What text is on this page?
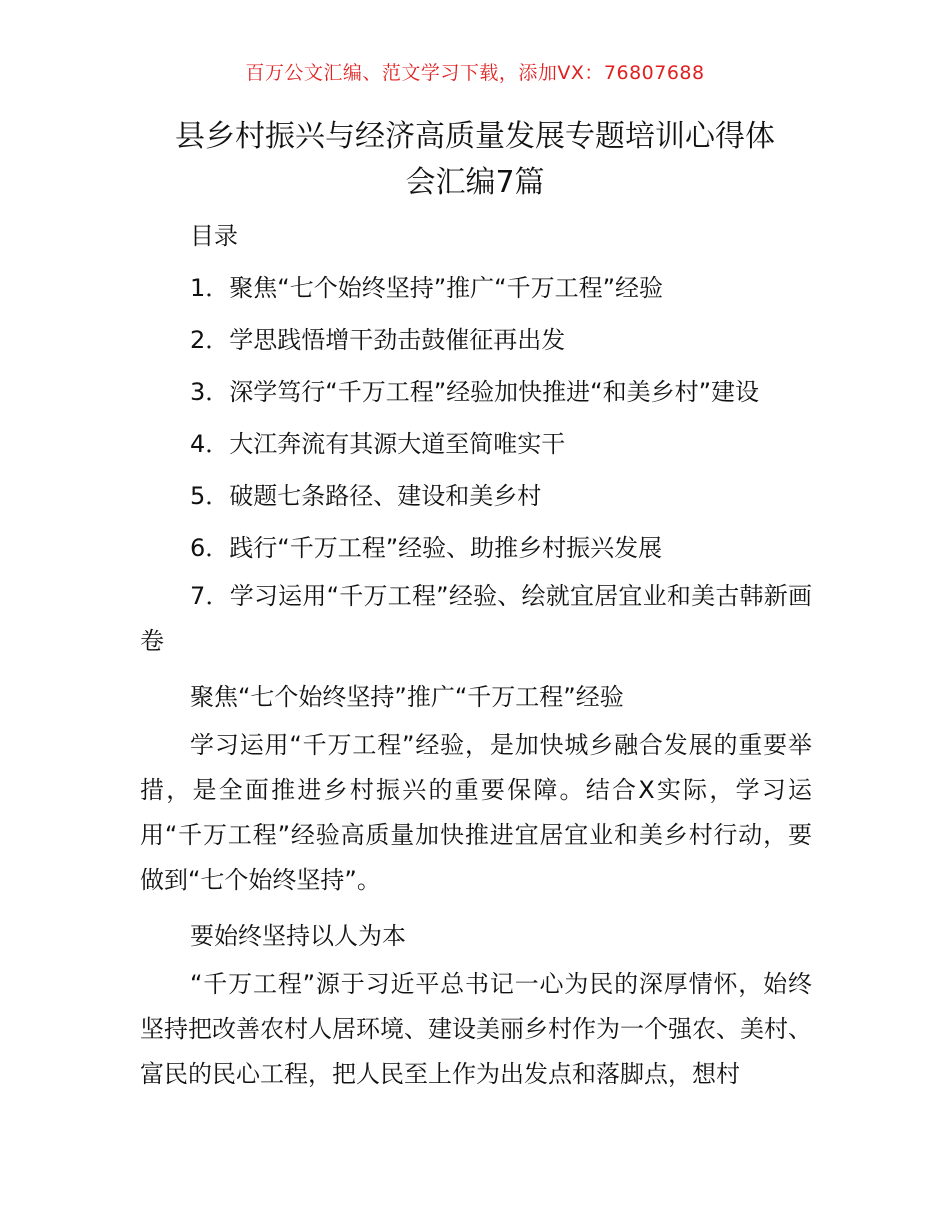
百万公文汇编、范文学习下载，添加VX：76807688
县乡村振兴与经济高质量发展专题培训心得体
会汇编7篇

目录

1．聚焦“七个始终坚持”推广“千万工程”经验

2．学思践悟增干劲击鼓催征再出发

3．深学笃行“千万工程”经验加快推进“和美乡村”建设

4．大江奔流有其源大道至简唯实干

5．破题七条路径、建设和美乡村

6．践行“千万工程”经验、助推乡村振兴发展

7．学习运用“千万工程”经验、绘就宜居宜业和美古韩新画卷

聚焦“七个始终坚持”推广“千万工程”经验

学习运用“千万工程”经验，是加快城乡融合发展的重要举措，是全面推进乡村振兴的重要保障。结合X实际，学习运用“千万工程”经验高质量加快推进宜居宜业和美乡村行动，要做到“七个始终坚持”。

要始终坚持以人为本

“千万工程”源于习近平总书记一心为民的深厚情怀，始终坚持把改善农村人居环境、建设美丽乡村作为一个强农、美村、富民的民心工程，把人民至上作为出发点和落脚点，想村
